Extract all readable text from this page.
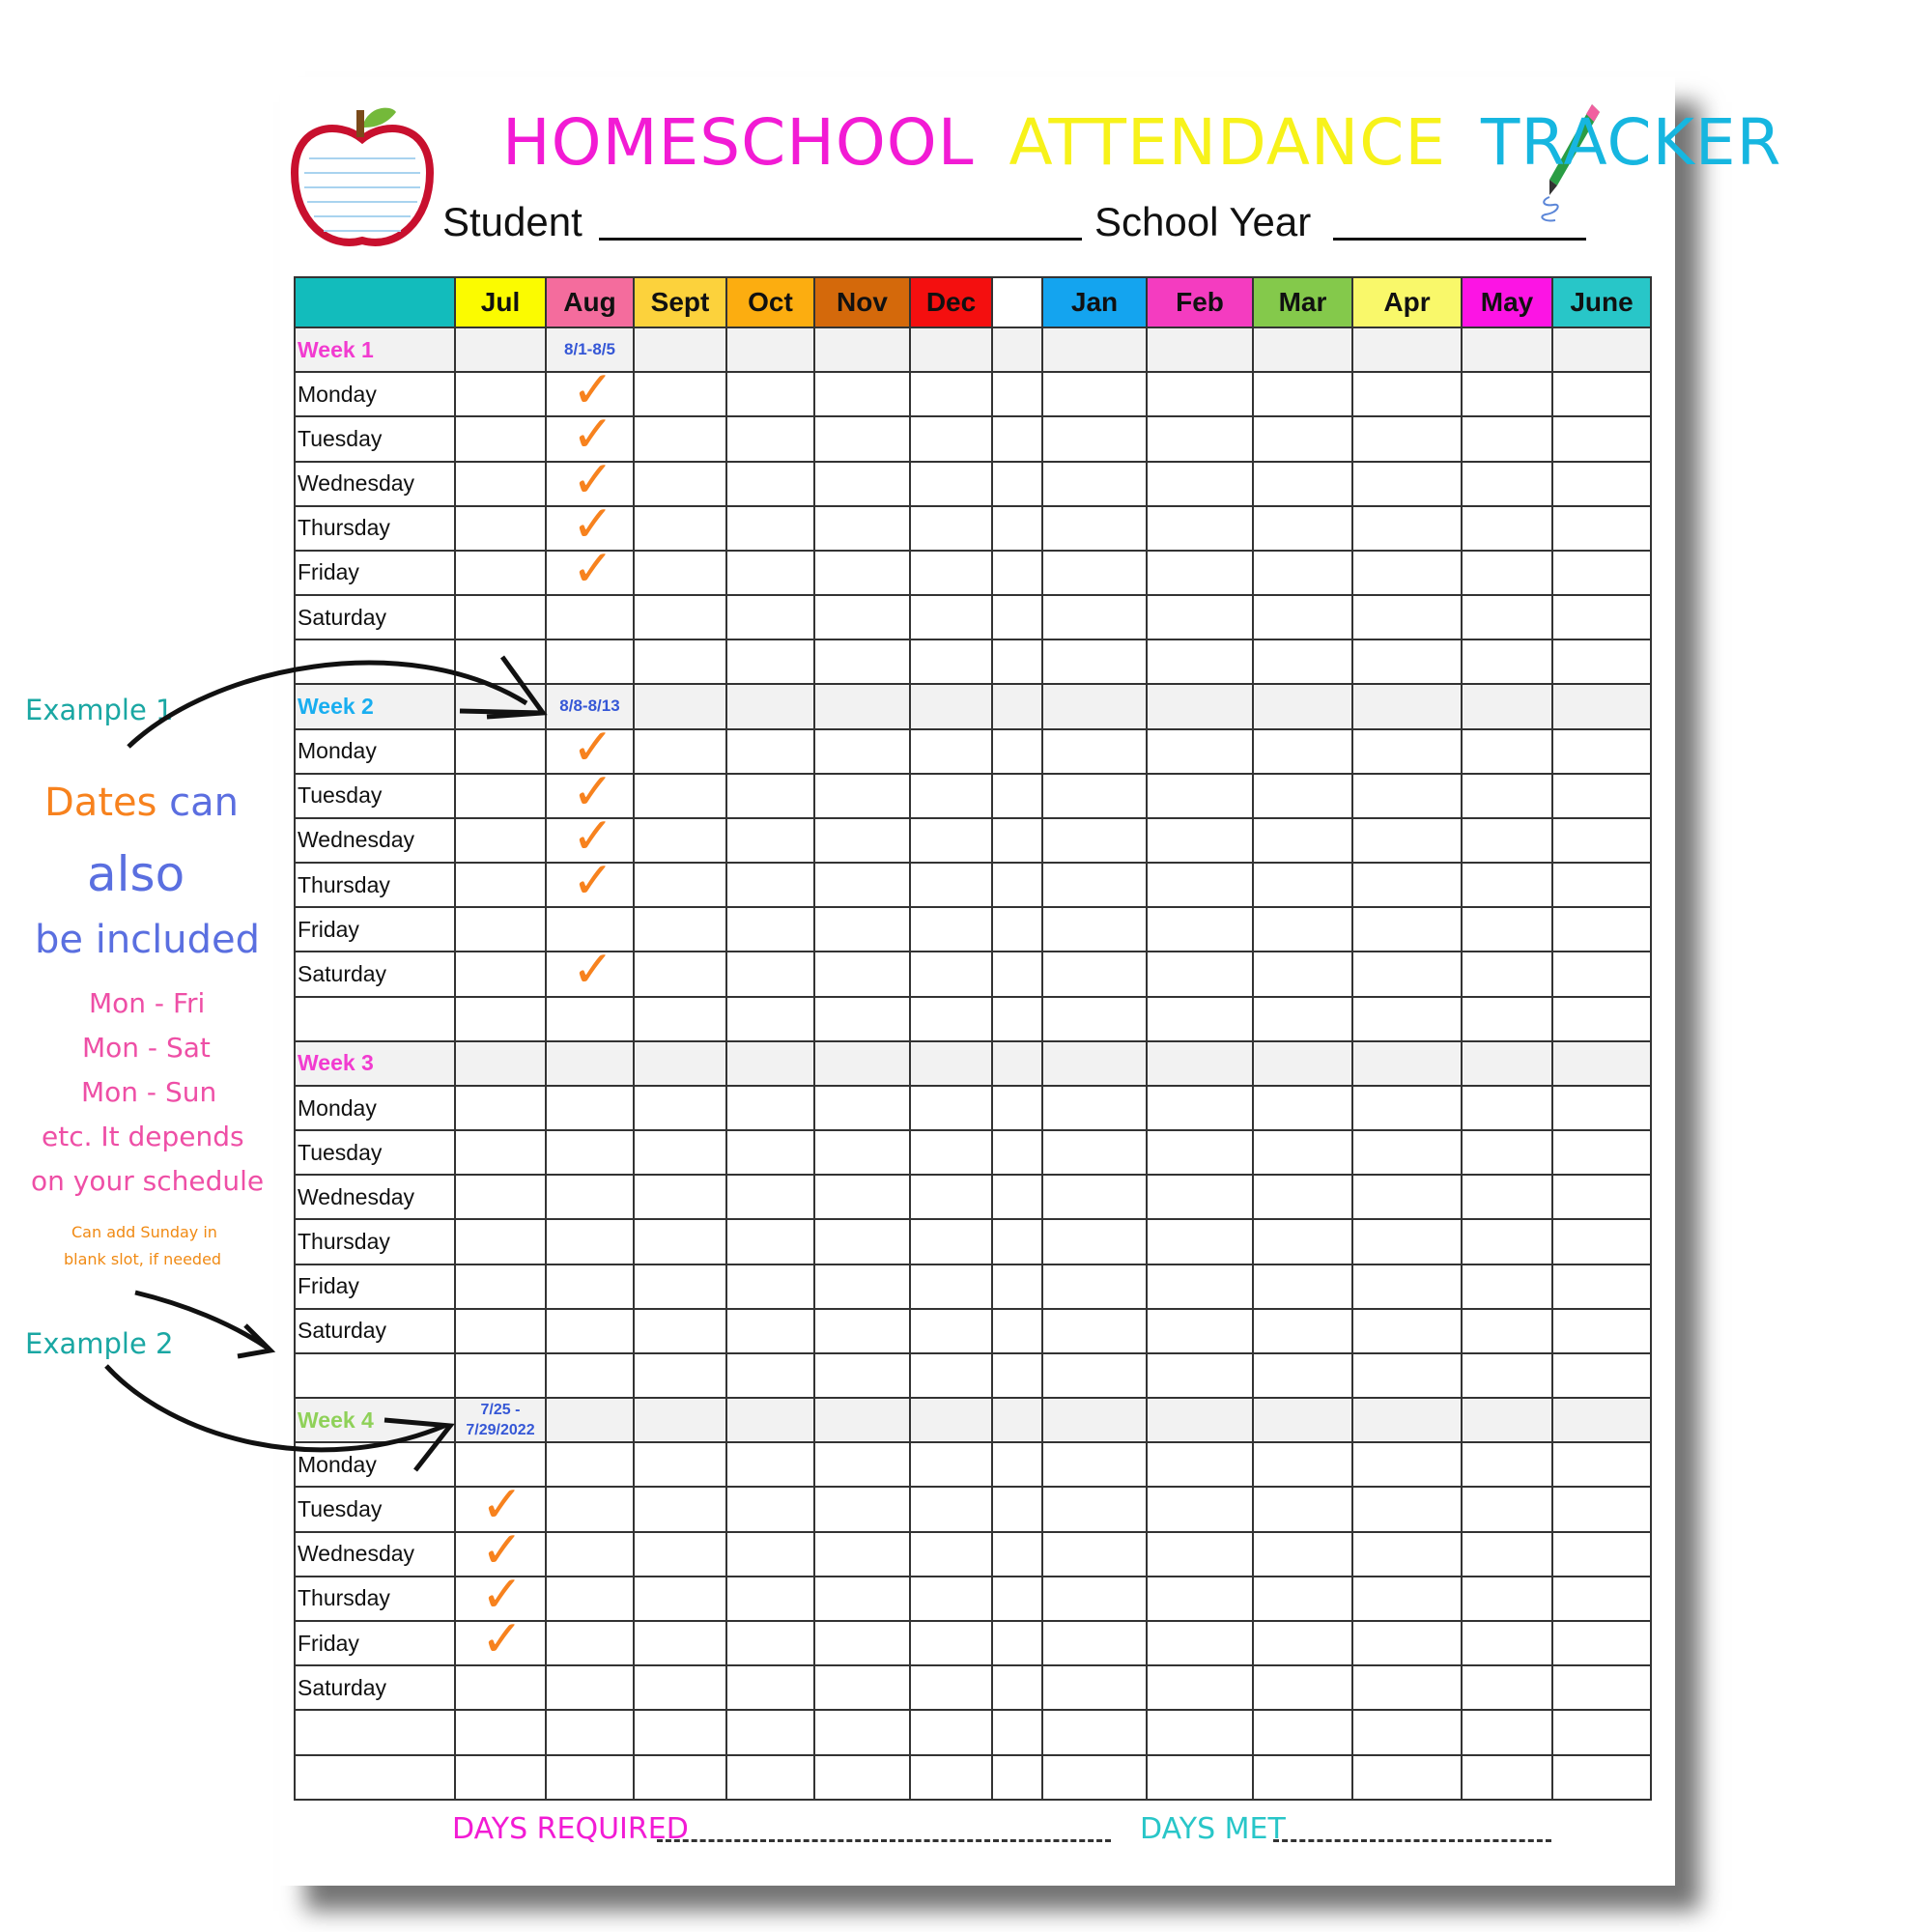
HOMESCHOOL ATTENDANCE TRACKER
Student	School Year
	Jul	Aug	Sept	Oct	Nov	Dec		Jan	Feb	Mar	Apr	May	June
Week 1		8/1-8/5											

Monday		✓											

Tuesday		✓											

Wednesday		✓											

Thursday		✓											

Friday		✓											

Saturday													

Week 2		8/8-8/13											

Monday		✓											

Tuesday		✓											

Wednesday		✓											

Thursday		✓											

Friday													
Saturday		✓											

Week 3													
Monday													
Tuesday													
Wednesday													
Thursday													
Friday													
Saturday													

Week 4	7/25 - 7/29/2022												

Monday													
Tuesday	✓												

Wednesday	✓												

Thursday	✓												

Friday	✓												

Saturday													

Example 1
Dates can
also
be included
Mon - Fri
Mon - Sat
Mon - Sun
etc. It depends
on your schedule
Can add Sunday in
blank slot, if needed
Example 2
DAYS REQUIRED	DAYS MET
